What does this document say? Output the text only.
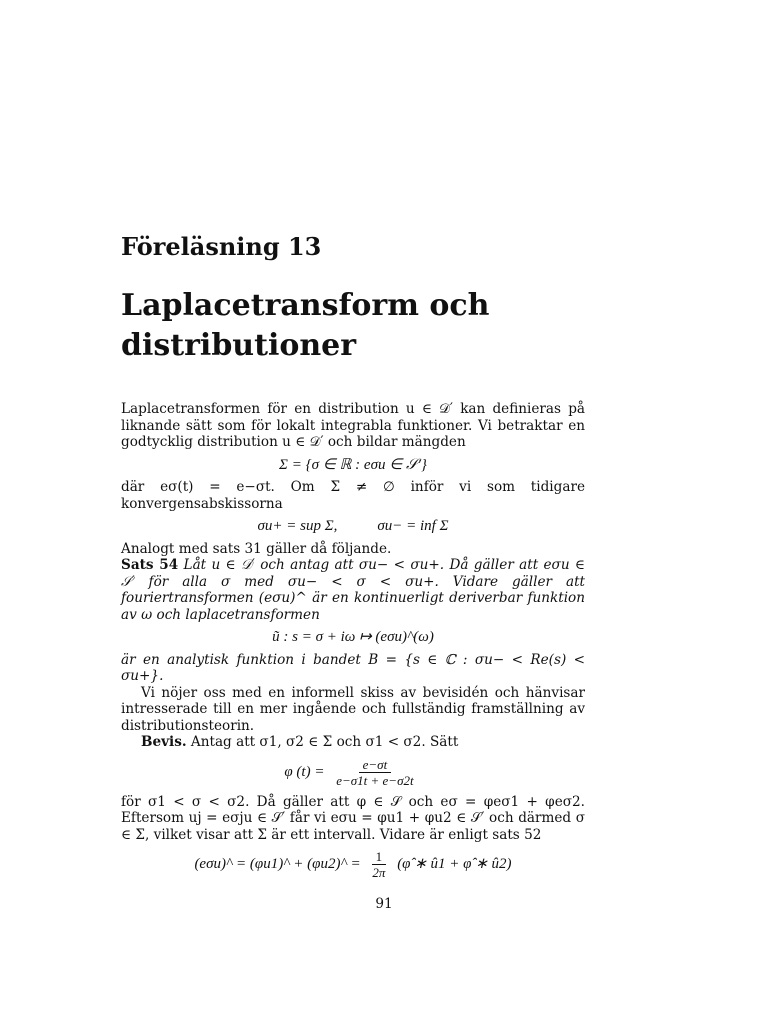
Föreläsning 13
Laplacetransform och distributioner

Laplacetransformen för en distribution u ∈ 𝒟′ kan definieras på liknande sätt som för lokalt integrabla funktioner. Vi betraktar en godtycklig distribution u ∈ 𝒟′ och bildar mängden

Σ = {σ ∈ ℝ : eσu ∈ 𝒮′}

där eσ(t) = e−σt. Om Σ ≠ ∅ inför vi som tidigare konvergensabskissorna

σu+ = sup Σ,	σu− = inf Σ

Analogt med sats 31 gäller då följande.

Sats 54 Låt u ∈ 𝒟′ och antag att σu− < σu+. Då gäller att eσu ∈ 𝒮′ för alla σ med σu− < σ < σu+. Vidare gäller att fouriertransformen (eσu)^ är en kontinuerligt deriverbar funktion av ω och laplacetransformen

ũ : s = σ + iω ↦ (eσu)^(ω)

är en analytisk funktion i bandet B = {s ∈ ℂ : σu− < Re(s) < σu+}.

Vi nöjer oss med en informell skiss av bevisidén och hänvisar intresserade till en mer ingående och fullständig framställning av distributionsteorin.

Bevis. Antag att σ1, σ2 ∈ Σ och σ1 < σ2. Sätt

φ $(t) = \frac{e-\sigma t}{e-\sigma 1t + e-\sigma 2t}$

för σ1 < σ < σ2. Då gäller att φ ∈ 𝒮 och eσ = φeσ1 + φeσ2. Eftersom uj = eσju ∈ 𝒮′ får vi eσu = φu1 + φu2 ∈ 𝒮′ och därmed σ ∈ Σ, vilket visar att Σ är ett intervall. Vidare är enligt sats 52

(eσu)^ = (φu1)^ + (φu2)^ = $\frac{1}{2\pi}$ (φ̂ ∗ û1 + φ̂ ∗ û2)
91
